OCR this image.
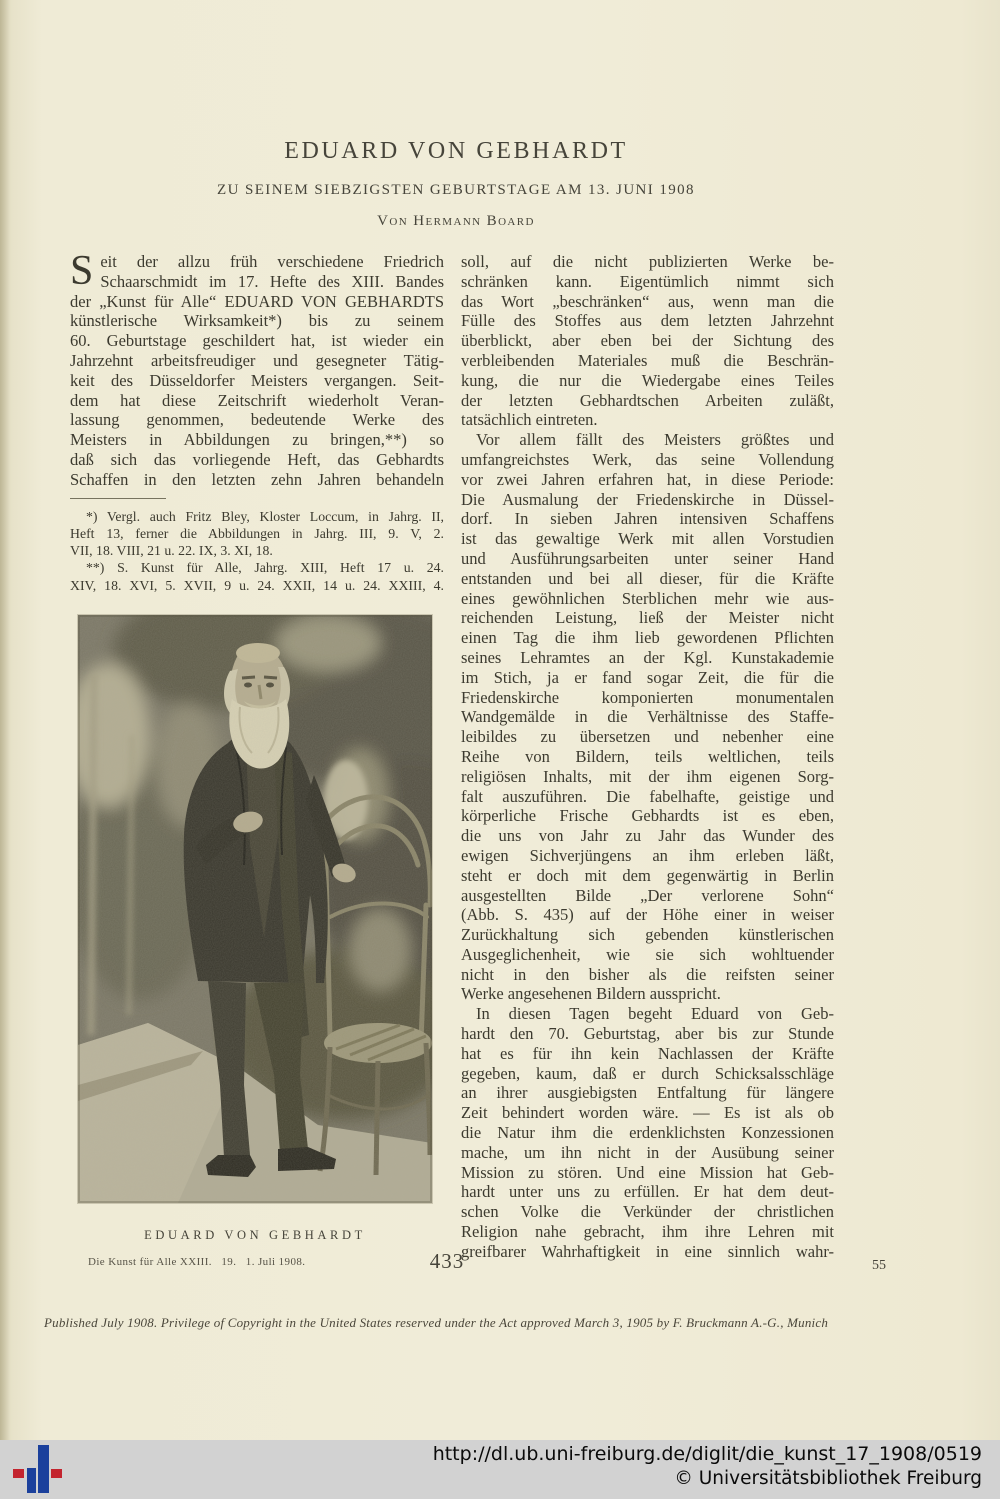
EDUARD VON GEBHARDT
ZU SEINEM SIEBZIGSTEN GEBURTSTAGE AM 13. JUNI 1908
Von Hermann Board
S eit der allzu früh verschiedene Friedrich
Schaarschmidt im 17. Hefte des XIII. Bandes
der „Kunst für Alle“ EDUARD VON GEBHARDTS
künstlerische Wirksamkeit*) bis zu seinem
60. Geburtstage geschildert hat, ist wieder ein
Jahrzehnt arbeitsfreudiger und gesegneter Tätig-
keit des Düsseldorfer Meisters vergangen. Seit-
dem hat diese Zeitschrift wiederholt Veran-
lassung genommen, bedeutende Werke des
Meisters in Abbildungen zu bringen,**) so
daß sich das vorliegende Heft, das Gebhardts
Schaffen in den letzten zehn Jahren behandeln
*) Vergl. auch Fritz Bley, Kloster Loccum, in Jahrg. II,
Heft 13, ferner die Abbildungen in Jahrg. III, 9. V, 2.
VII, 18. VIII, 21 u. 22. IX, 3. XI, 18.
**) S. Kunst für Alle, Jahrg. XIII, Heft 17 u. 24.
XIV, 18. XVI, 5. XVII, 9 u. 24. XXII, 14 u. 24. XXIII, 4.
soll, auf die nicht publizierten Werke be-
schränken kann. Eigentümlich nimmt sich
das Wort „beschränken“ aus, wenn man die
Fülle des Stoffes aus dem letzten Jahrzehnt
überblickt, aber eben bei der Sichtung des
verbleibenden Materiales muß die Beschrän-
kung, die nur die Wiedergabe eines Teiles
der letzten Gebhardtschen Arbeiten zuläßt,
tatsächlich eintreten.
Vor allem fällt des Meisters größtes und
umfangreichstes Werk, das seine Vollendung
vor zwei Jahren erfahren hat, in diese Periode:
Die Ausmalung der Friedenskirche in Düssel-
dorf. In sieben Jahren intensiven Schaffens
ist das gewaltige Werk mit allen Vorstudien
und Ausführungsarbeiten unter seiner Hand
entstanden und bei all dieser, für die Kräfte
eines gewöhnlichen Sterblichen mehr wie aus-
reichenden Leistung, ließ der Meister nicht
einen Tag die ihm lieb gewordenen Pflichten
seines Lehramtes an der Kgl. Kunstakademie
im Stich, ja er fand sogar Zeit, die für die
Friedenskirche komponierten monumentalen
Wandgemälde in die Verhältnisse des Staffe-
leibildes zu übersetzen und nebenher eine
Reihe von Bildern, teils weltlichen, teils
religiösen Inhalts, mit der ihm eigenen Sorg-
falt auszuführen. Die fabelhafte, geistige und
körperliche Frische Gebhardts ist es eben,
die uns von Jahr zu Jahr das Wunder des
ewigen Sichverjüngens an ihm erleben läßt,
steht er doch mit dem gegenwärtig in Berlin
ausgestellten Bilde „Der verlorene Sohn“
(Abb. S. 435) auf der Höhe einer in weiser
Zurückhaltung sich gebenden künstlerischen
Ausgeglichenheit, wie sie sich wohltuender
nicht in den bisher als die reifsten seiner
Werke angesehenen Bildern ausspricht.
In diesen Tagen begeht Eduard von Geb-
hardt den 70. Geburtstag, aber bis zur Stunde
hat es für ihn kein Nachlassen der Kräfte
gegeben, kaum, daß er durch Schicksalsschläge
an ihrer ausgiebigsten Entfaltung für längere
Zeit behindert worden wäre. — Es ist als ob
die Natur ihm die erdenklichsten Konzessionen
mache, um ihn nicht in der Ausübung seiner
Mission zu stören. Und eine Mission hat Geb-
hardt unter uns zu erfüllen. Er hat dem deut-
schen Volke die Verkünder der christlichen
Religion nahe gebracht, ihm ihre Lehren mit
greifbarer Wahrhaftigkeit in eine sinnlich wahr-
EDUARD VON GEBHARDT
Die Kunst für Alle XXIII.   19.   1. Juli 1908.	433	55
Published July 1908. Privilege of Copyright in the United States reserved under the Act approved March 3, 1905 by F. Bruckmann A.-G., Munich
http://dl.ub.uni-freiburg.de/diglit/die_kunst_17_1908/0519
© Universitätsbibliothek Freiburg
